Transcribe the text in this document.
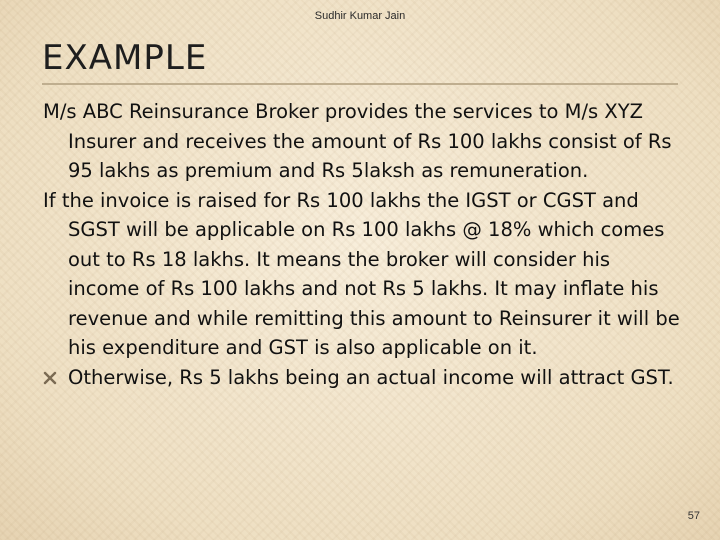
Sudhir Kumar Jain
EXAMPLE

M/s ABC Reinsurance Broker provides the services to M/s XYZ Insurer and receives the amount of Rs 100 lakhs consist of Rs 95 lakhs as premium and Rs 5laksh as remuneration.

If the invoice is raised for Rs 100 lakhs the IGST or CGST and SGST will be applicable on Rs 100 lakhs @ 18% which comes out to Rs 18 lakhs. It means the broker will consider his income of Rs 100 lakhs and not Rs 5 lakhs. It may inflate his revenue and while remitting this amount to Reinsurer it will be his expenditure and GST is also applicable on it.

Otherwise, Rs 5 lakhs being an actual income will attract GST.
57
